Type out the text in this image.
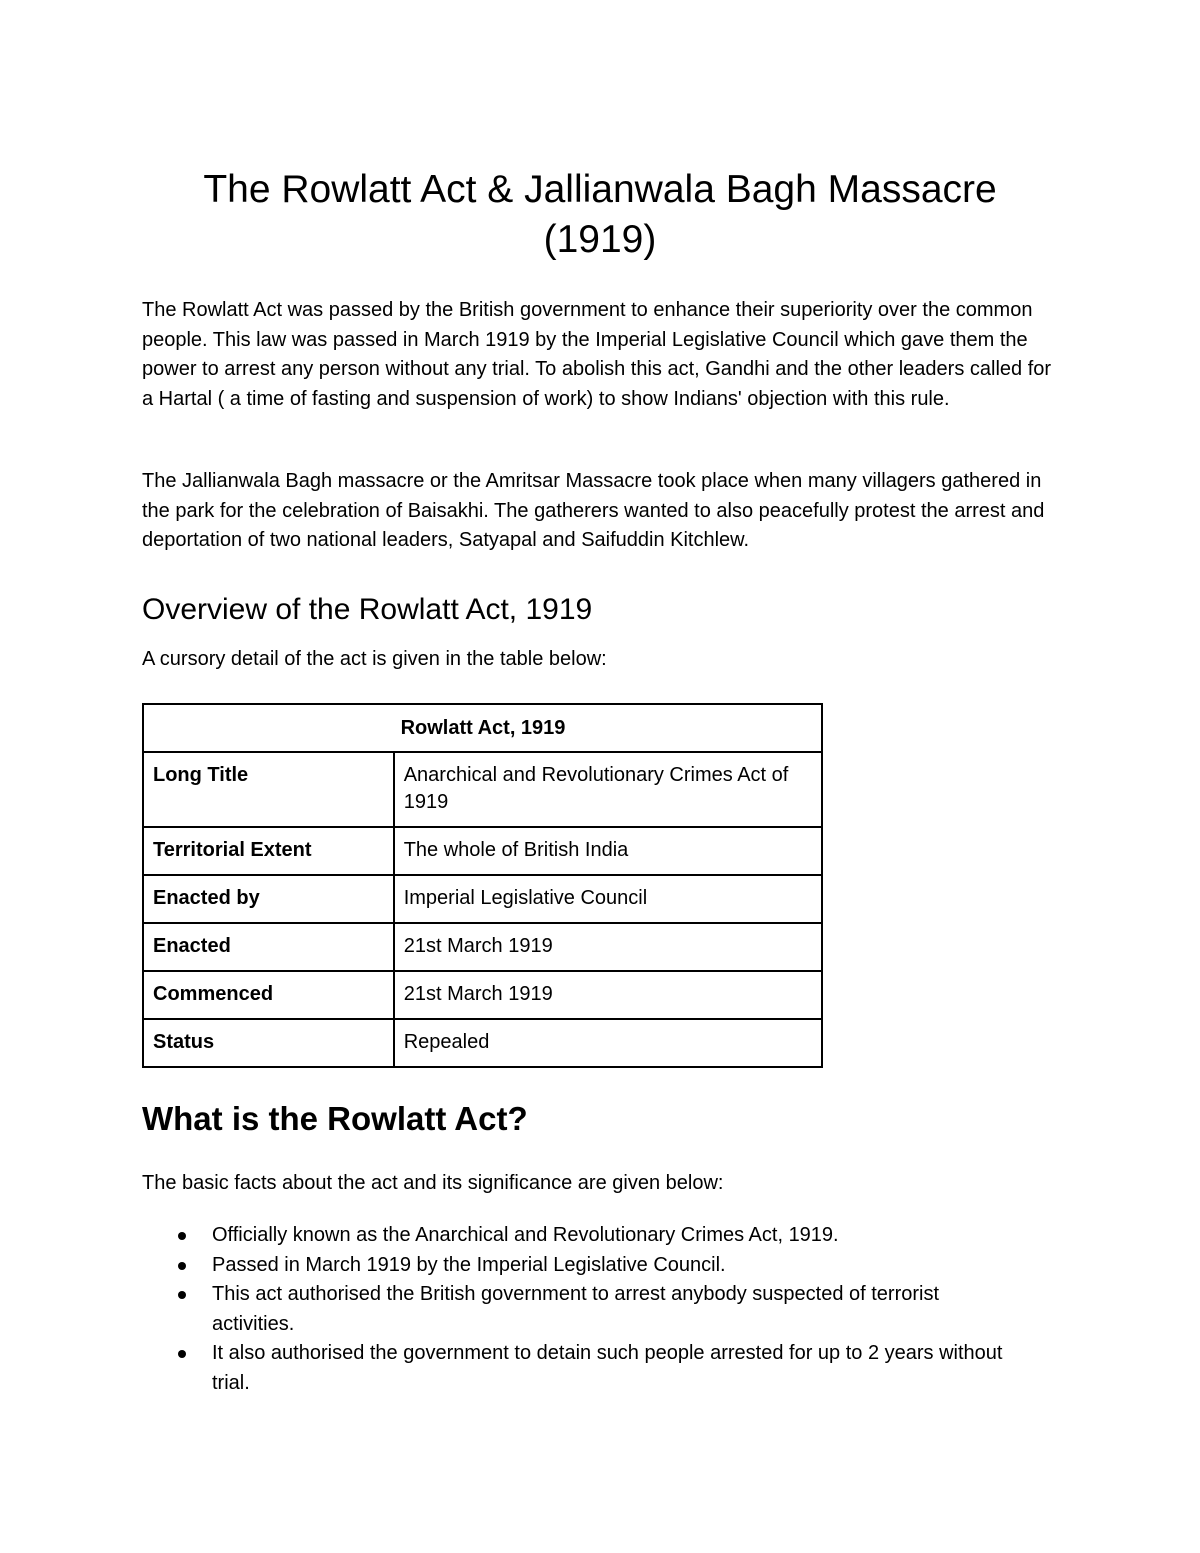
The Rowlatt Act & Jallianwala Bagh Massacre (1919)

The Rowlatt Act was passed by the British government to enhance their superiority over the common people. This law was passed in March 1919 by the Imperial Legislative Council which gave them the power to arrest any person without any trial. To abolish this act, Gandhi and the other leaders called for a Hartal ( a time of fasting and suspension of work) to show Indians' objection with this rule.

The Jallianwala Bagh massacre or the Amritsar Massacre took place when many villagers gathered in the park for the celebration of Baisakhi. The gatherers wanted to also peacefully protest the arrest and deportation of two national leaders, Satyapal and Saifuddin Kitchlew.

Overview of the Rowlatt Act, 1919

A cursory detail of the act is given in the table below:

Rowlatt Act, 1919	
Long Title	Anarchical and Revolutionary Crimes Act of 1919
Territorial Extent	The whole of British India
Enacted by	Imperial Legislative Council
Enacted	21st March 1919
Commenced	21st March 1919
Status	Repealed
What is the Rowlatt Act?

The basic facts about the act and its significance are given below:

Officially known as the Anarchical and Revolutionary Crimes Act, 1919.
Passed in March 1919 by the Imperial Legislative Council.
This act authorised the British government to arrest anybody suspected of terrorist activities.
It also authorised the government to detain such people arrested for up to 2 years without trial.
